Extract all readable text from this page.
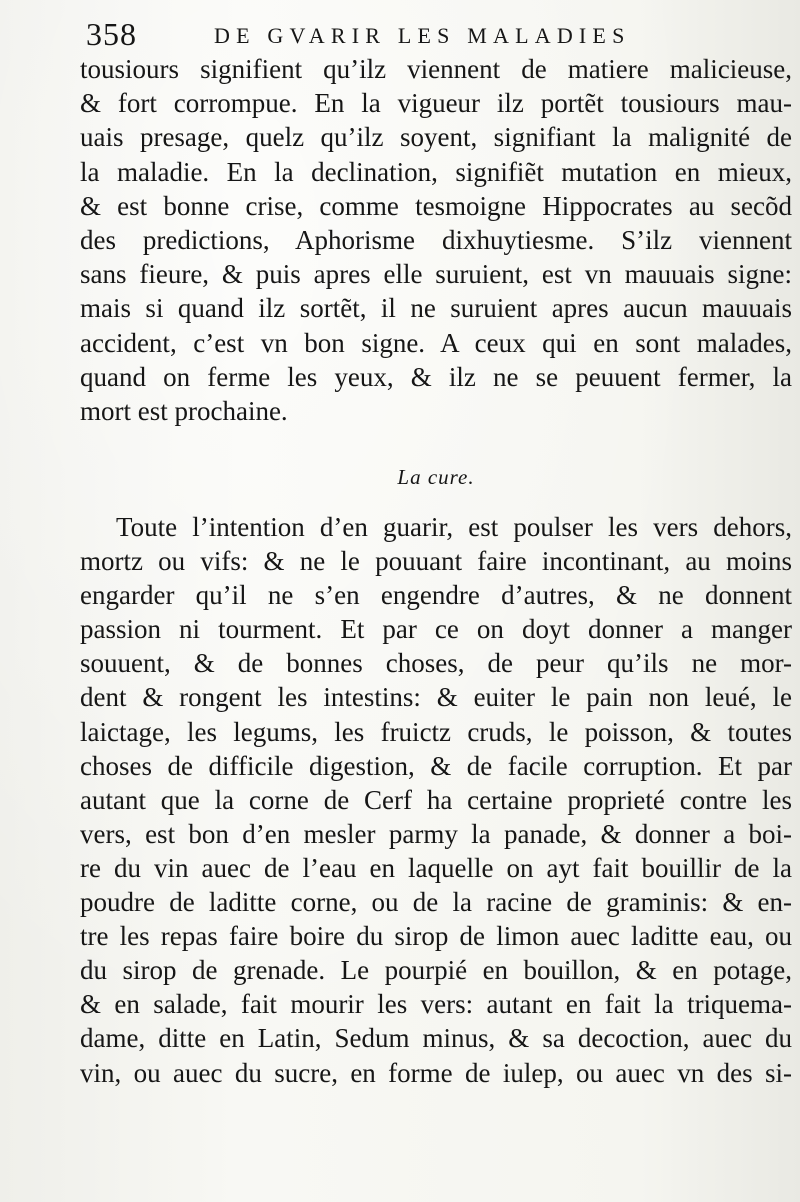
358	DE GVARIR LES MALADIES
tousiours signifient qu’ilz viennent de matiere malicieuse,
& fort corrompue. En la vigueur ilz portẽt tousiours mau-
uais presage, quelz qu’ilz soyent, signifiant la malignité de
la maladie. En la declination, signifiẽt mutation en mieux,
& est bonne crise, comme tesmoigne Hippocrates au secõd
des predictions, Aphorisme dixhuytiesme. S’ilz viennent
sans fieure, & puis apres elle suruient, est vn mauuais signe:
mais si quand ilz sortẽt, il ne suruient apres aucun mauuais
accident, c’est vn bon signe. A ceux qui en sont malades,
quand on ferme les yeux, & ilz ne se peuuent fermer, la
mort est prochaine.
La cure.
Toute l’intention d’en guarir, est poulser les vers dehors,
mortz ou vifs: & ne le pouuant faire incontinant, au moins
engarder qu’il ne s’en engendre d’autres, & ne donnent
passion ni tourment. Et par ce on doyt donner a manger
souuent, & de bonnes choses, de peur qu’ils ne mor-
dent & rongent les intestins: & euiter le pain non leué, le
laictage, les legums, les fruictz cruds, le poisson, & toutes
choses de difficile digestion, & de facile corruption. Et par
autant que la corne de Cerf ha certaine proprieté contre les
vers, est bon d’en mesler parmy la panade, & donner a boi-
re du vin auec de l’eau en laquelle on ayt fait bouillir de la
poudre de laditte corne, ou de la racine de graminis: & en-
tre les repas faire boire du sirop de limon auec laditte eau, ou
du sirop de grenade. Le pourpié en bouillon, & en potage,
& en salade, fait mourir les vers: autant en fait la triquema-
dame, ditte en Latin, Sedum minus, & sa decoction, auec du
vin, ou auec du sucre, en forme de iulep, ou auec vn des si-
